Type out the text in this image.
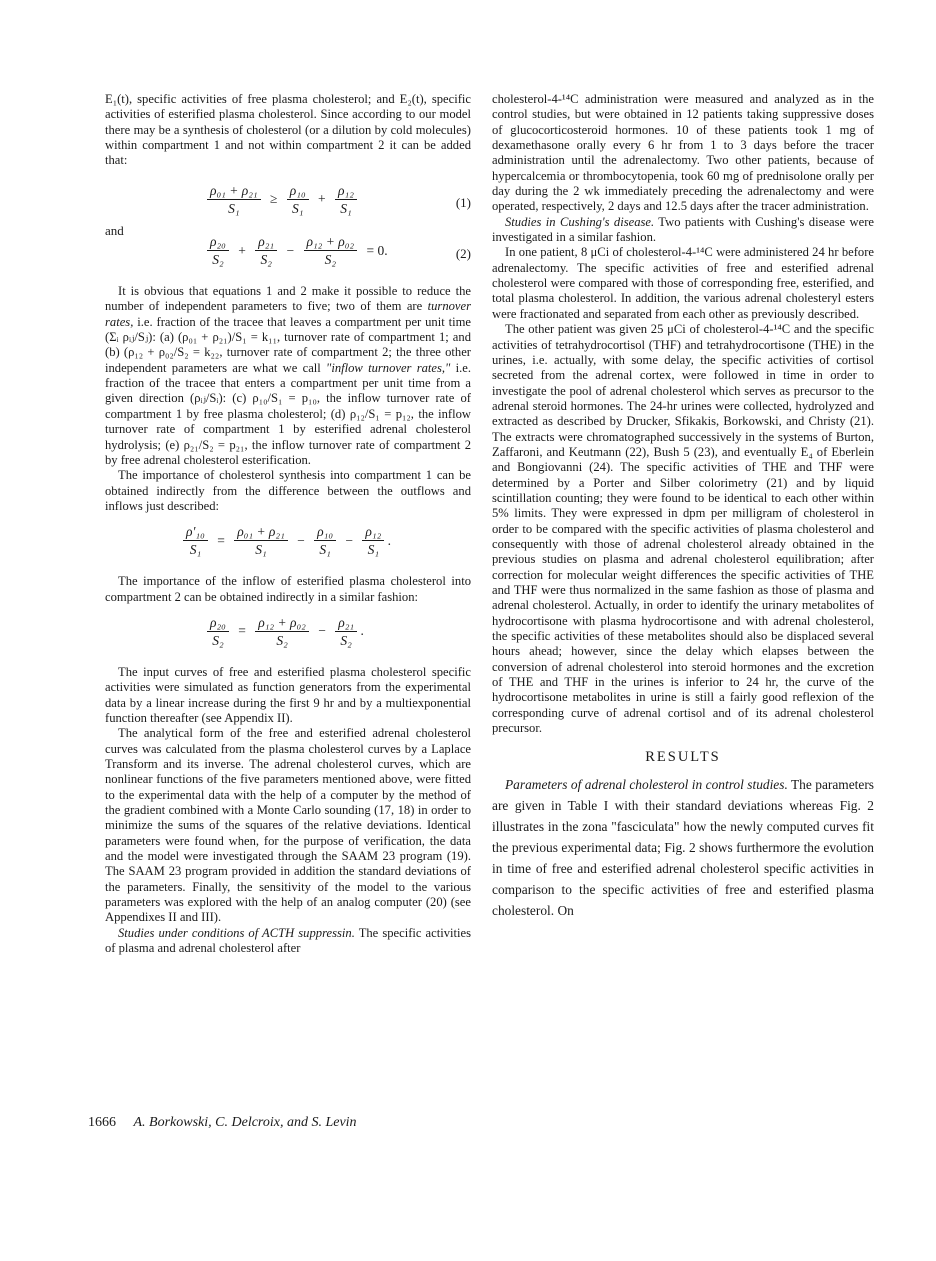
E₁(t), specific activities of free plasma cholesterol; and E₂(t), specific activities of esterified plasma cholesterol. Since according to our model there may be a synthesis of cholesterol (or a dilution by cold molecules) within compartment 1 and not within compartment 2 it can be added that:

$\frac{\text{ρ₀₁ + ρ₂₁}}{\text{S₁}} \ge \frac{\text{ρ₁₀}}{\text{S₁}} + \frac{\text{ρ₁₂}}{\text{S₁}}$	(1)

and

$\frac{\text{ρ₂₀}}{\text{S₂}} + \frac{\text{ρ₂₁}}{\text{S₂}} - \frac{\text{ρ₁₂ + ρ₀₂}}{\text{S₂}} = 0$.	(2)

It is obvious that equations 1 and 2 make it possible to reduce the number of independent parameters to five; two of them are turnover rates, i.e. fraction of the tracee that leaves a compartment per unit time (Σᵢ ρᵢⱼ/Sⱼ): (a) (ρ₀₁ + ρ₂₁)/S₁ = k₁₁, turnover rate of compartment 1; and (b) (ρ₁₂ + ρ₀₂/S₂ = k₂₂, turnover rate of compartment 2; the three other independent parameters are what we call "inflow turnover rates," i.e. fraction of the tracee that enters a compartment per unit time from a given direction (ρᵢⱼ/Sᵢ): (c) ρ₁₀/S₁ = p₁₀, the inflow turnover rate of compartment 1 by free plasma cholesterol; (d) ρ₁₂/S₁ = p₁₂, the inflow turnover rate of compartment 1 by esterified adrenal cholesterol hydrolysis; (e) ρ₂₁/S₂ = p₂₁, the inflow turnover rate of compartment 2 by free adrenal cholesterol esterification.

The importance of cholesterol synthesis into compartment 1 can be obtained indirectly from the difference between the outflows and inflows just described:

$\frac{\text{ρ′₁₀}}{\text{S₁}} = \frac{\text{ρ₀₁ + ρ₂₁}}{\text{S₁}} - \frac{\text{ρ₁₀}}{\text{S₁}} - \frac{\text{ρ₁₂}}{\text{S₁}}$ .

The importance of the inflow of esterified plasma cholesterol into compartment 2 can be obtained indirectly in a similar fashion:

$\frac{\text{ρ₂₀}}{\text{S₂}} = \frac{\text{ρ₁₂ + ρ₀₂}}{\text{S₂}} - \frac{\text{ρ₂₁}}{\text{S₂}}$ .

The input curves of free and esterified plasma cholesterol specific activities were simulated as function generators from the experimental data by a linear increase during the first 9 hr and by a multiexponential function thereafter (see Appendix II).

The analytical form of the free and esterified adrenal cholesterol curves was calculated from the plasma cholesterol curves by a Laplace Transform and its inverse. The adrenal cholesterol curves, which are nonlinear functions of the five parameters mentioned above, were fitted to the experimental data with the help of a computer by the method of the gradient combined with a Monte Carlo sounding (17, 18) in order to minimize the sums of the squares of the relative deviations. Identical parameters were found when, for the purpose of verification, the data and the model were investigated through the SAAM 23 program (19). The SAAM 23 program provided in addition the standard deviations of the parameters. Finally, the sensitivity of the model to the various parameters was explored with the help of an analog computer (20) (see Appendixes II and III).

Studies under conditions of ACTH suppressin. The specific activities of plasma and adrenal cholesterol after

cholesterol-4-¹⁴C administration were measured and analyzed as in the control studies, but were obtained in 12 patients taking suppressive doses of glucocorticosteroid hormones. 10 of these patients took 1 mg of dexamethasone orally every 6 hr from 1 to 3 days before the tracer administration until the adrenalectomy. Two other patients, because of hypercalcemia or thrombocytopenia, took 60 mg of prednisolone orally per day during the 2 wk immediately preceding the adrenalectomy and were operated, respectively, 2 days and 12.5 days after the tracer administration.

Studies in Cushing's disease. Two patients with Cushing's disease were investigated in a similar fashion.

In one patient, 8 μCi of cholesterol-4-¹⁴C were administered 24 hr before adrenalectomy. The specific activities of free and esterified adrenal cholesterol were compared with those of corresponding free, esterified, and total plasma cholesterol. In addition, the various adrenal cholesteryl esters were fractionated and separated from each other as previously described.

The other patient was given 25 μCi of cholesterol-4-¹⁴C and the specific activities of tetrahydrocortisol (THF) and tetrahydrocortisone (THE) in the urines, i.e. actually, with some delay, the specific activities of cortisol secreted from the adrenal cortex, were followed in time in order to investigate the pool of adrenal cholesterol which serves as precursor to the adrenal steroid hormones. The 24-hr urines were collected, hydrolyzed and extracted as described by Drucker, Sfikakis, Borkowski, and Christy (21). The extracts were chromatographed successively in the systems of Burton, Zaffaroni, and Keutmann (22), Bush 5 (23), and eventually E₄ of Eberlein and Bongiovanni (24). The specific activities of THE and THF were determined by a Porter and Silber colorimetry (21) and by liquid scintillation counting; they were found to be identical to each other within 5% limits. They were expressed in dpm per milligram of cholesterol in order to be compared with the specific activities of plasma cholesterol and consequently with those of adrenal cholesterol already obtained in the previous studies on plasma and adrenal cholesterol equilibration; after correction for molecular weight differences the specific activities of THE and THF were thus normalized in the same fashion as those of plasma and adrenal cholesterol. Actually, in order to identify the urinary metabolites of hydrocortisone with plasma hydrocortisone and with adrenal cholesterol, the specific activities of these metabolites should also be displaced several hours ahead; however, since the delay which elapses between the conversion of adrenal cholesterol into steroid hormones and the excretion of THE and THF in the urines is inferior to 24 hr, the curve of the hydrocortisone metabolites in urine is still a fairly good reflexion of the corresponding curve of adrenal cortisol and of its adrenal cholesterol precursor.

RESULTS

Parameters of adrenal cholesterol in control studies. The parameters are given in Table I with their standard deviations whereas Fig. 2 illustrates in the zona "fasciculata" how the newly computed curves fit the previous experimental data; Fig. 2 shows furthermore the evolution in time of free and esterified adrenal cholesterol specific activities in comparison to the specific activities of free and esterified plasma cholesterol. On

1666 A. Borkowski, C. Delcroix, and S. Levin
